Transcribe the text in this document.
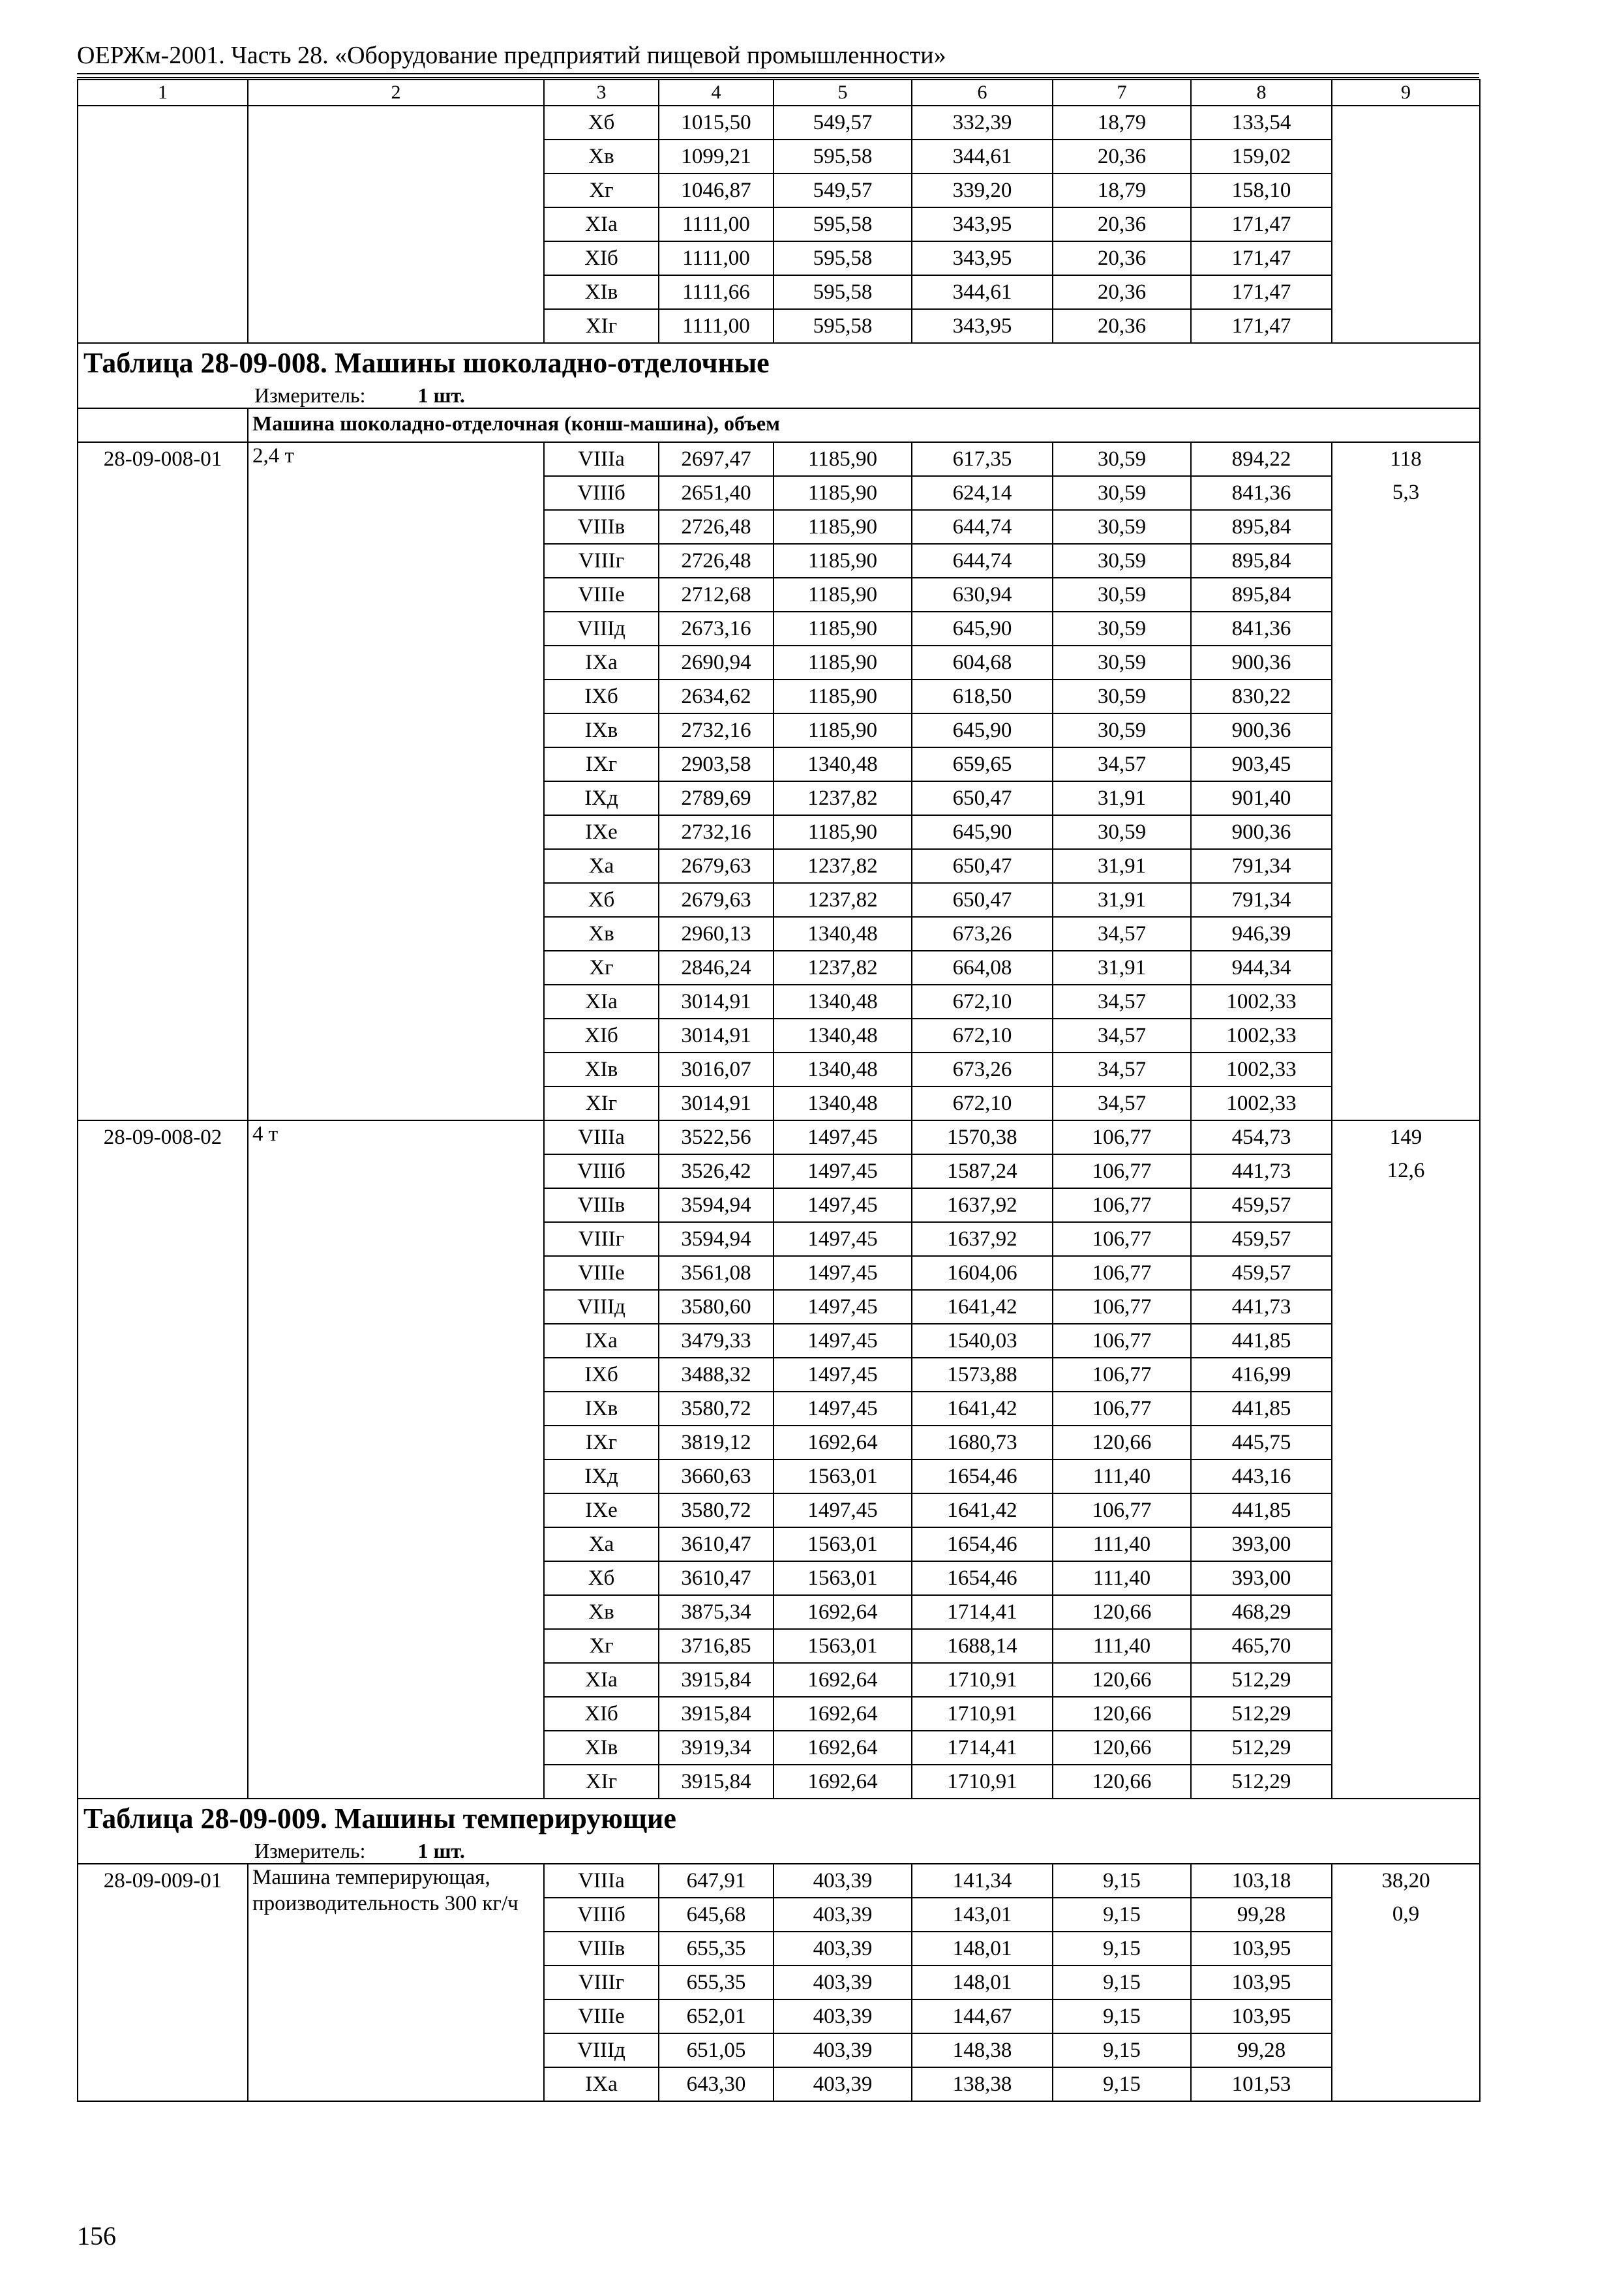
ОЕРЖм-2001. Часть 28. «Оборудование предприятий пищевой промышленности»
1	2	3	4	5	6	7	8	9
		Xб	1015,50	549,57	332,39	18,79	133,54	
		Xв	1099,21	595,58	344,61	20,36	159,02	
		Xг	1046,87	549,57	339,20	18,79	158,10	
		XIа	1111,00	595,58	343,95	20,36	171,47	
		XIб	1111,00	595,58	343,95	20,36	171,47	
		XIв	1111,66	595,58	344,61	20,36	171,47	
		XIг	1111,00	595,58	343,95	20,36	171,47	

Таблица 28-09-008. Машины шоколадно-отделочные
Измеритель: 1 шт.								

	Машина шоколадно-отделочная (конш-машина), объем							
28-09-008-01	2,4 т	VIIIа	2697,47	1185,90	617,35	30,59	894,22	118
		VIIIб	2651,40	1185,90	624,14	30,59	841,36	5,3
		VIIIв	2726,48	1185,90	644,74	30,59	895,84	
		VIIIг	2726,48	1185,90	644,74	30,59	895,84	
		VIIIе	2712,68	1185,90	630,94	30,59	895,84	
		VIIIд	2673,16	1185,90	645,90	30,59	841,36	
		IXа	2690,94	1185,90	604,68	30,59	900,36	
		IXб	2634,62	1185,90	618,50	30,59	830,22	
		IXв	2732,16	1185,90	645,90	30,59	900,36	
		IXг	2903,58	1340,48	659,65	34,57	903,45	
		IXд	2789,69	1237,82	650,47	31,91	901,40	
		IXе	2732,16	1185,90	645,90	30,59	900,36	
		Xа	2679,63	1237,82	650,47	31,91	791,34	
		Xб	2679,63	1237,82	650,47	31,91	791,34	
		Xв	2960,13	1340,48	673,26	34,57	946,39	
		Xг	2846,24	1237,82	664,08	31,91	944,34	
		XIа	3014,91	1340,48	672,10	34,57	1002,33	
		XIб	3014,91	1340,48	672,10	34,57	1002,33	
		XIв	3016,07	1340,48	673,26	34,57	1002,33	
		XIг	3014,91	1340,48	672,10	34,57	1002,33	
28-09-008-02	4 т	VIIIа	3522,56	1497,45	1570,38	106,77	454,73	149
		VIIIб	3526,42	1497,45	1587,24	106,77	441,73	12,6
		VIIIв	3594,94	1497,45	1637,92	106,77	459,57	
		VIIIг	3594,94	1497,45	1637,92	106,77	459,57	
		VIIIе	3561,08	1497,45	1604,06	106,77	459,57	
		VIIIд	3580,60	1497,45	1641,42	106,77	441,73	
		IXа	3479,33	1497,45	1540,03	106,77	441,85	
		IXб	3488,32	1497,45	1573,88	106,77	416,99	
		IXв	3580,72	1497,45	1641,42	106,77	441,85	
		IXг	3819,12	1692,64	1680,73	120,66	445,75	
		IXд	3660,63	1563,01	1654,46	111,40	443,16	
		IXе	3580,72	1497,45	1641,42	106,77	441,85	
		Xа	3610,47	1563,01	1654,46	111,40	393,00	
		Xб	3610,47	1563,01	1654,46	111,40	393,00	
		Xв	3875,34	1692,64	1714,41	120,66	468,29	
		Xг	3716,85	1563,01	1688,14	111,40	465,70	
		XIа	3915,84	1692,64	1710,91	120,66	512,29	
		XIб	3915,84	1692,64	1710,91	120,66	512,29	
		XIв	3919,34	1692,64	1714,41	120,66	512,29	
		XIг	3915,84	1692,64	1710,91	120,66	512,29	

Таблица 28-09-009. Машины темперирующие
Измеритель: 1 шт.								

28-09-009-01	Машина темперирующая, производительность 300 кг/ч	VIIIа	647,91	403,39	141,34	9,15	103,18	38,20
		VIIIб	645,68	403,39	143,01	9,15	99,28	0,9
		VIIIв	655,35	403,39	148,01	9,15	103,95	
		VIIIг	655,35	403,39	148,01	9,15	103,95	
		VIIIе	652,01	403,39	144,67	9,15	103,95	
		VIIIд	651,05	403,39	148,38	9,15	99,28	
		IXа	643,30	403,39	138,38	9,15	101,53	
156
